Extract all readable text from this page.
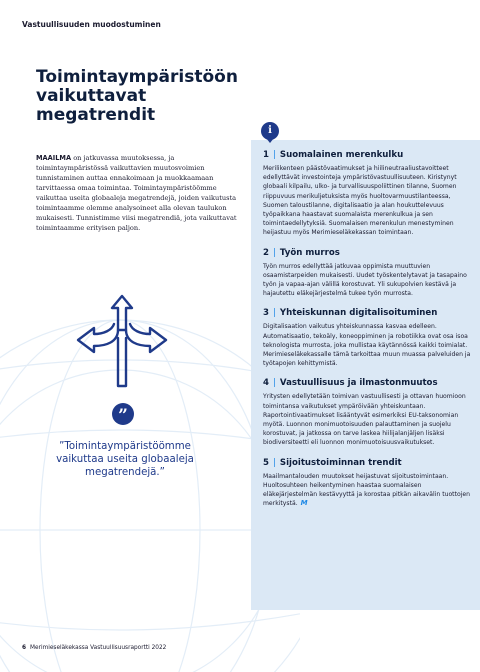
Vastuullisuuden muodostuminen
Toimintaympäristöön vaikuttavat megatrendit
MAAILMA on jatkuvassa muutoksessa, ja toimintaympäristössä vaikuttavien muutosvoimien tunnistaminen auttaa ennakoimaan ja muokkaamaan tarvittaessa omaa toimintaa. Toimintaympäristöömme vaikuttaa useita globaaleja megatrendejä, joiden vaikutusta toimintaamme olemme analysoineet alla olevan taulukon mukaisesti. Tunnistimme viisi megatrendiä, jota vaikuttavat toimintaamme erityisen paljon.
”
”Toimintaympäristöömme vaikuttaa useita globaaleja megatrendejä.”
i
1 | Suomalainen merenkulku

Merilikenteen päästövaatimukset ja hiilineutraaliustavoitteet edellyttävät investointeja ympäristövastuullisuuteen. Kiristynyt globaali kilpailu, ulko- ja turvallisuuspoliittinen tilanne, Suomen riippuvuus merikuljetuksista myös huoltovarmuustilanteessa, Suomen taloustilanne, digitalisaatio ja alan houkuttelevuus työpaikkana haastavat suomalaista merenkulkua ja sen toimintaedellytyksiä. Suomalaisen merenkulun menestyminen heijastuu myös Merimieseläkekassan toimintaan.

2 | Työn murros

Työn murros edellyttää jatkuvaa oppimista muuttuvien osaamistarpeiden mukaisesti. Uudet työskentelytavat ja tasapaino työn ja vapaa-ajan välillä korostuvat. Yli sukupolvien kestävä ja hajautettu eläkejärjestelmä tukee työn murrosta.

3 | Yhteiskunnan digitalisoituminen

Digitalisaation vaikutus yhteiskunnassa kasvaa edelleen. Automatisaatio, tekoäly, koneoppiminen ja robotiikka ovat osa isoa teknologista murrosta, joka mullistaa käytännössä kaikki toimialat. Merimieseläkekassalle tämä tarkoittaa muun muassa palveluiden ja työtapojen kehittymistä.

4 | Vastuullisuus ja ilmastonmuutos

Yritysten edellytetään toimivan vastuullisesti ja ottavan huomioon toimintansa vaikutukset ympäröivään yhteiskuntaan. Raportointivaatimukset lisääntyvät esimerkiksi EU-taksonomian myötä. Luonnon monimuotoisuuden palauttaminen ja suojelu korostuvat, ja jatkossa on tarve laskea hiilijalanjäljen lisäksi biodiversiteetti eli luonnon monimuotoisuusvaikutukset.

5 | Sijoitustoiminnan trendit

Maailmantalouden muutokset heijastuvat sijoitustoimintaan. Huoltosuhteen heikentyminen haastaa suomalaisen eläkejärjestelmän kestävyyttä ja korostaa pitkän aikavälin tuottojen merkitystä. M

6 Merimieseläkekassa Vastuullisuusraportti 2022
